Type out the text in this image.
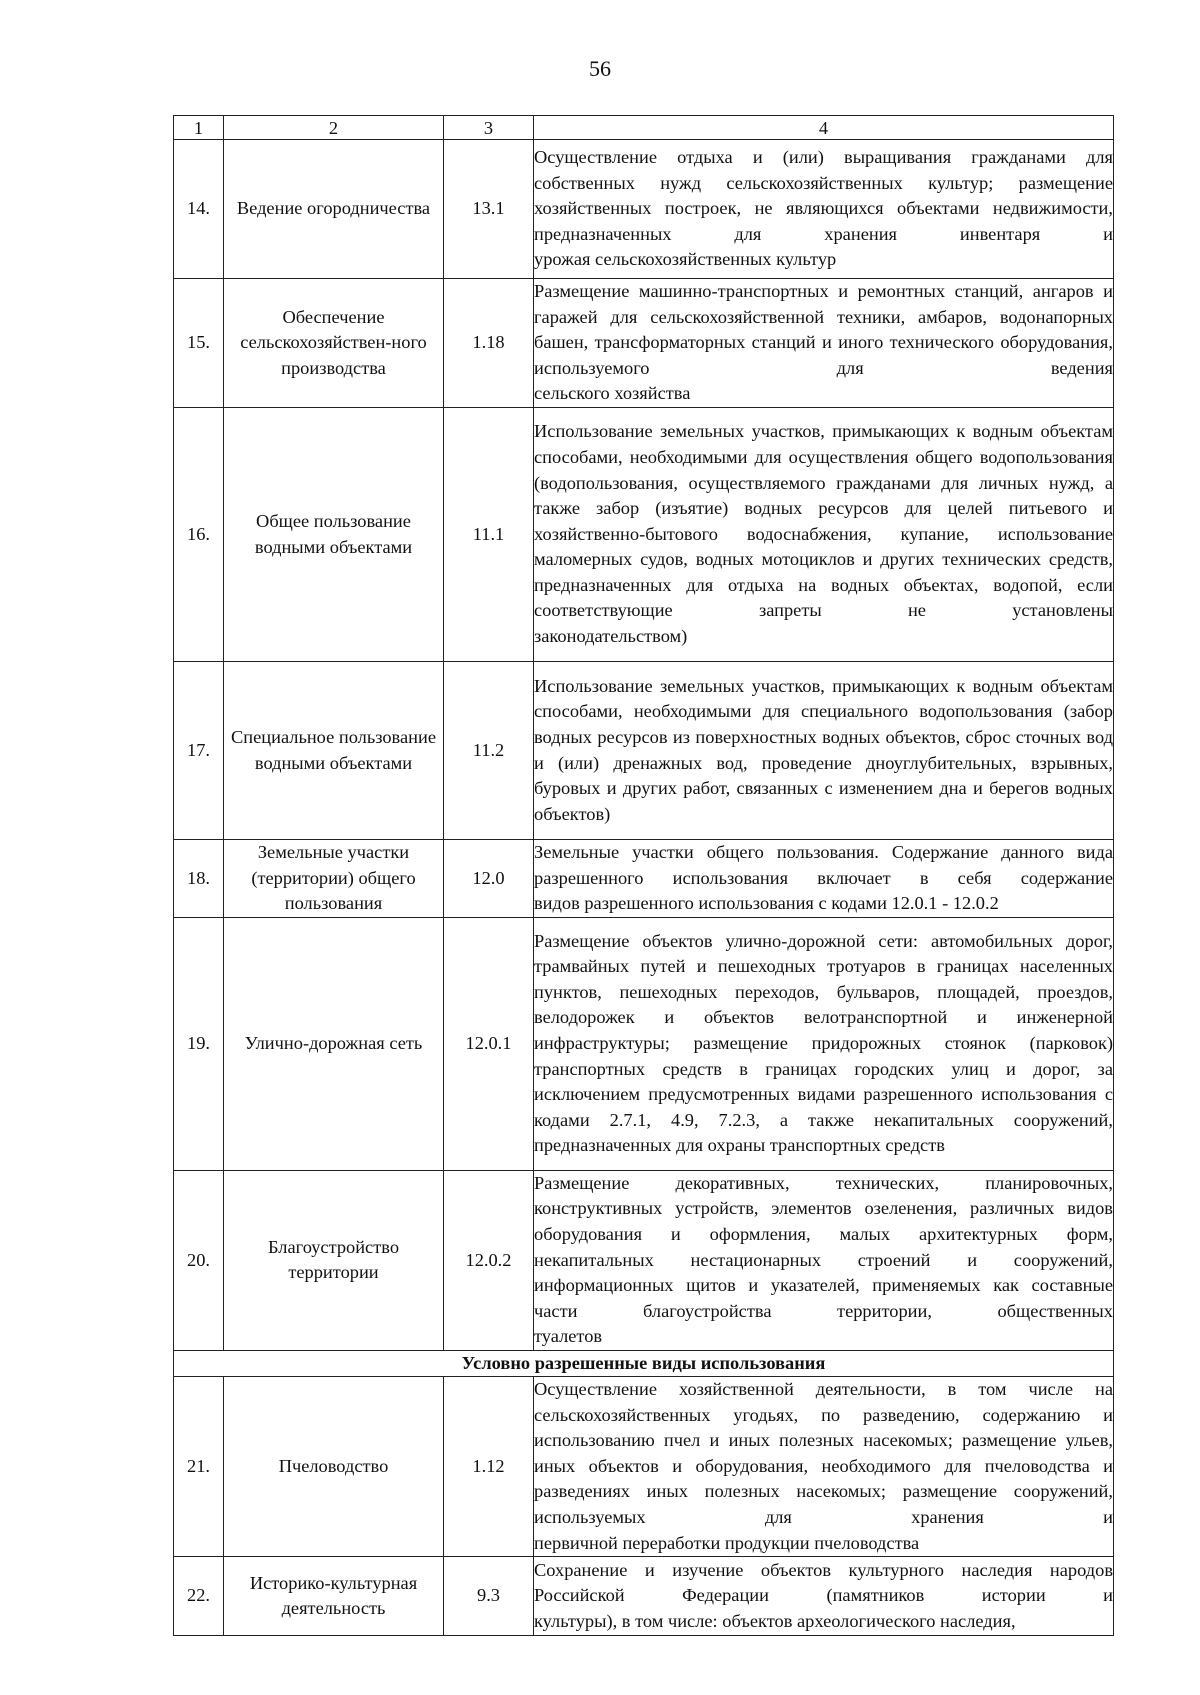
56
1	2	3	4
14.	Ведение огородничества	13.1	Осуществление отдыха и (или) выращивания гражданами для собственных нужд сельскохозяйственных культур; размещение хозяйственных построек, не являющихся объектами недвижимости, предназначенных для хранения инвентаря и
урожая сельскохозяйственных культур

15.	Обеспечение сельскохозяйствен-ного производства	1.18	Размещение машинно-транспортных и ремонтных станций, ангаров и гаражей для сельскохозяйственной техники, амбаров, водонапорных башен, трансформаторных станций и иного технического оборудования, используемого для ведения
сельского хозяйства

16.	Общее пользование водными объектами	11.1	Использование земельных участков, примыкающих к водным объектам способами, необходимыми для осуществления общего водопользования (водопользования, осуществляемого гражданами для личных нужд, а также забор (изъятие) водных ресурсов для целей питьевого и хозяйственно-бытового водоснабжения, купание, использование маломерных судов, водных мотоциклов и других технических средств, предназначенных для отдыха на водных объектах, водопой, если соответствующие запреты не установлены
законодательством)

17.	Специальное пользование водными объектами	11.2	Использование земельных участков, примыкающих к водным объектам способами, необходимыми для специального водопользования (забор водных ресурсов из поверхностных водных объектов, сброс сточных вод и (или) дренажных вод, проведение дноуглубительных, взрывных, буровых и других работ, связанных с изменением дна и берегов водных
объектов)

18.	Земельные участки (территории) общего пользования	12.0	Земельные участки общего пользования. Содержание данного вида разрешенного использования включает в себя содержание
видов разрешенного использования с кодами 12.0.1 - 12.0.2

19.	Улично-дорожная сеть	12.0.1	Размещение объектов улично-дорожной сети: автомобильных дорог, трамвайных путей и пешеходных тротуаров в границах населенных пунктов, пешеходных переходов, бульваров, площадей, проездов, велодорожек и объектов велотранспортной и инженерной инфраструктуры; размещение придорожных стоянок (парковок) транспортных средств в границах городских улиц и дорог, за исключением предусмотренных видами разрешенного использования с кодами 2.7.1, 4.9, 7.2.3, а также некапитальных сооружений,
предназначенных для охраны транспортных средств

20.	Благоустройство территории	12.0.2	Размещение декоративных, технических, планировочных, конструктивных устройств, элементов озеленения, различных видов оборудования и оформления, малых архитектурных форм, некапитальных нестационарных строений и сооружений, информационных щитов и указателей, применяемых как составные части благоустройства территории, общественных
туалетов

Условно разрешенные виды использования			
21.	Пчеловодство	1.12	Осуществление хозяйственной деятельности, в том числе на сельскохозяйственных угодьях, по разведению, содержанию и использованию пчел и иных полезных насекомых; размещение ульев, иных объектов и оборудования, необходимого для пчеловодства и разведениях иных полезных насекомых; размещение сооружений, используемых для хранения и
первичной переработки продукции пчеловодства

22.	Историко-культурная деятельность	9.3	Сохранение и изучение объектов культурного наследия народов Российской Федерации (памятников истории и
культуры), в том числе: объектов археологического наследия,
